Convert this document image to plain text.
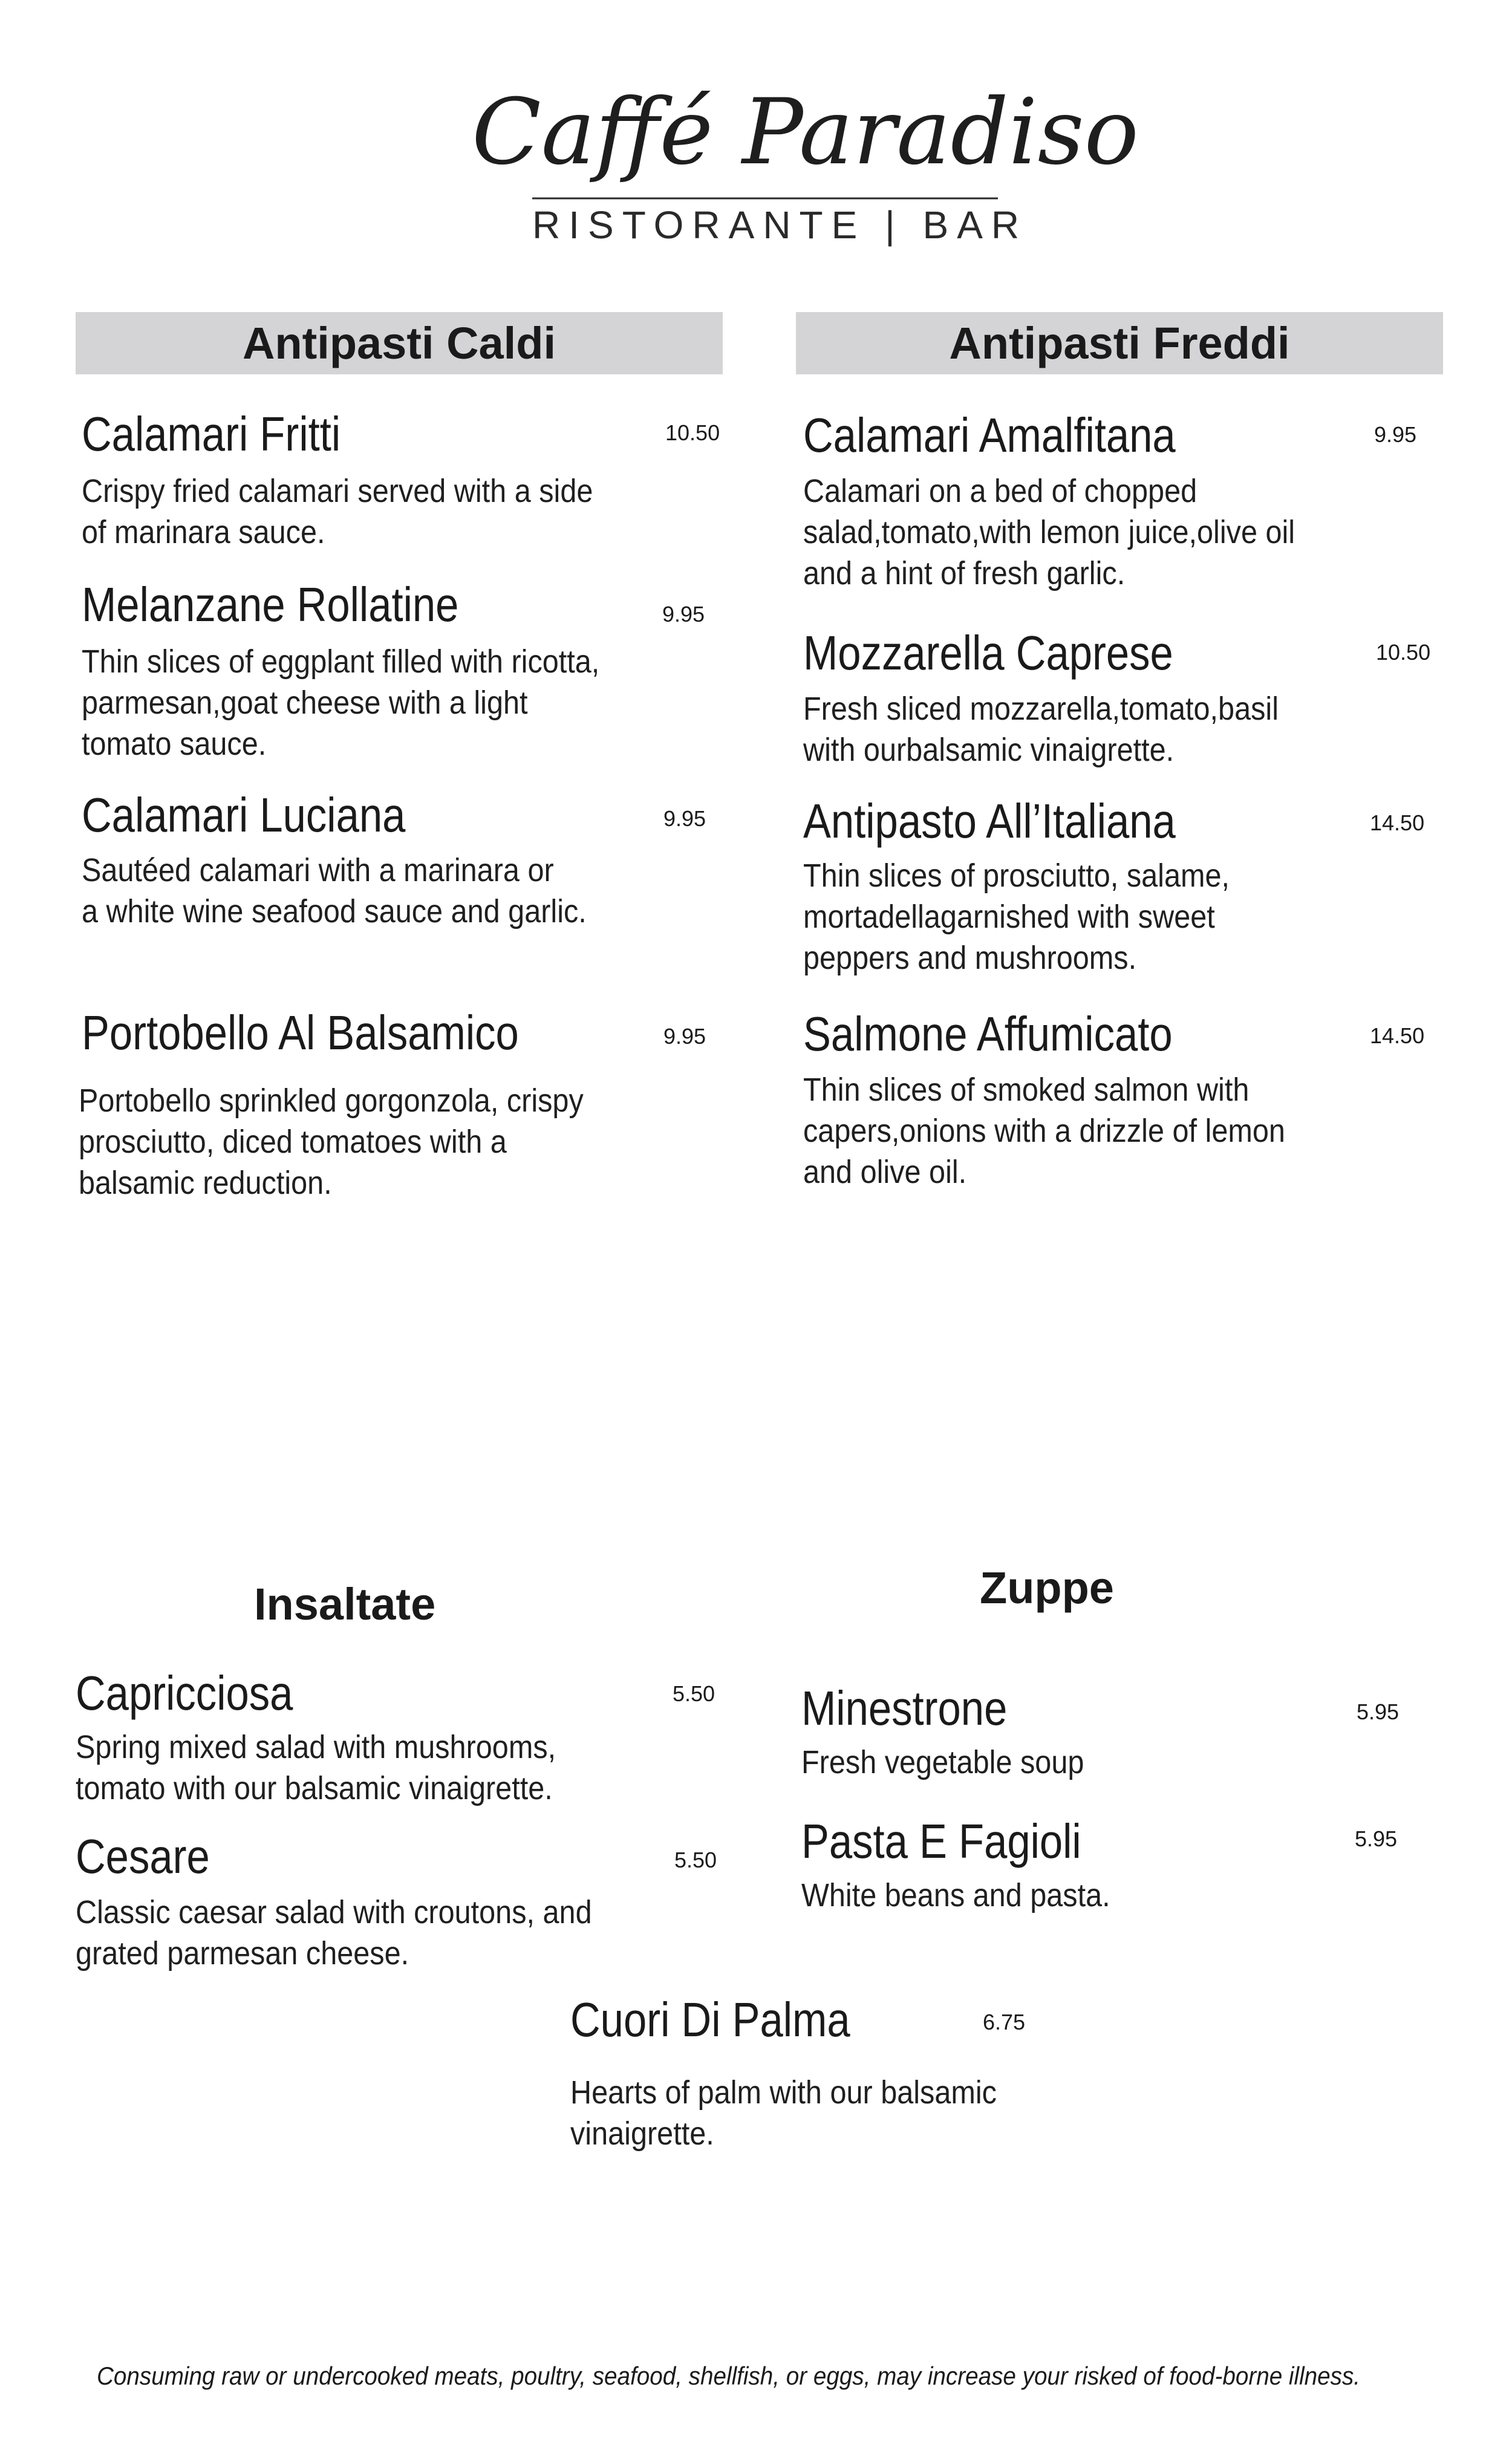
Caffé Paradiso
RISTORANTE | BAR
Antipasti Caldi
Calamari Fritti	10.50
Crispy fried calamari served with a side
of marinara sauce.
Melanzane Rollatine	9.95
Thin slices of eggplant filled with ricotta,
parmesan,goat cheese with a light
tomato sauce.
Calamari Luciana	9.95
Sautéed calamari with a marinara or
a white wine seafood sauce and garlic.
Portobello Al Balsamico	9.95
Portobello sprinkled gorgonzola, crispy
prosciutto, diced tomatoes with a
balsamic reduction.
Antipasti Freddi
Calamari Amalfitana	9.95
Calamari on a bed of chopped
salad,tomato,with lemon juice,olive oil
and a hint of fresh garlic.
Mozzarella Caprese	10.50
Fresh sliced mozzarella,tomato,basil
with ourbalsamic vinaigrette.
Antipasto All’Italiana	14.50
Thin slices of prosciutto, salame,
mortadellagarnished with sweet
peppers and mushrooms.
Salmone Affumicato	14.50
Thin slices of smoked salmon with
capers,onions with a drizzle of lemon
and olive oil.
Insaltate
Capricciosa	5.50
Spring mixed salad with mushrooms,
tomato with our balsamic vinaigrette.
Cesare	5.50
Classic caesar salad with croutons, and
grated parmesan cheese.
Cuori Di Palma	6.75
Hearts of palm with our balsamic
vinaigrette.
Zuppe
Minestrone	5.95
Fresh vegetable soup
Pasta E Fagioli	5.95
White beans and pasta.
Consuming raw or undercooked meats, poultry, seafood, shellfish, or eggs, may increase your risked of food-borne illness.
